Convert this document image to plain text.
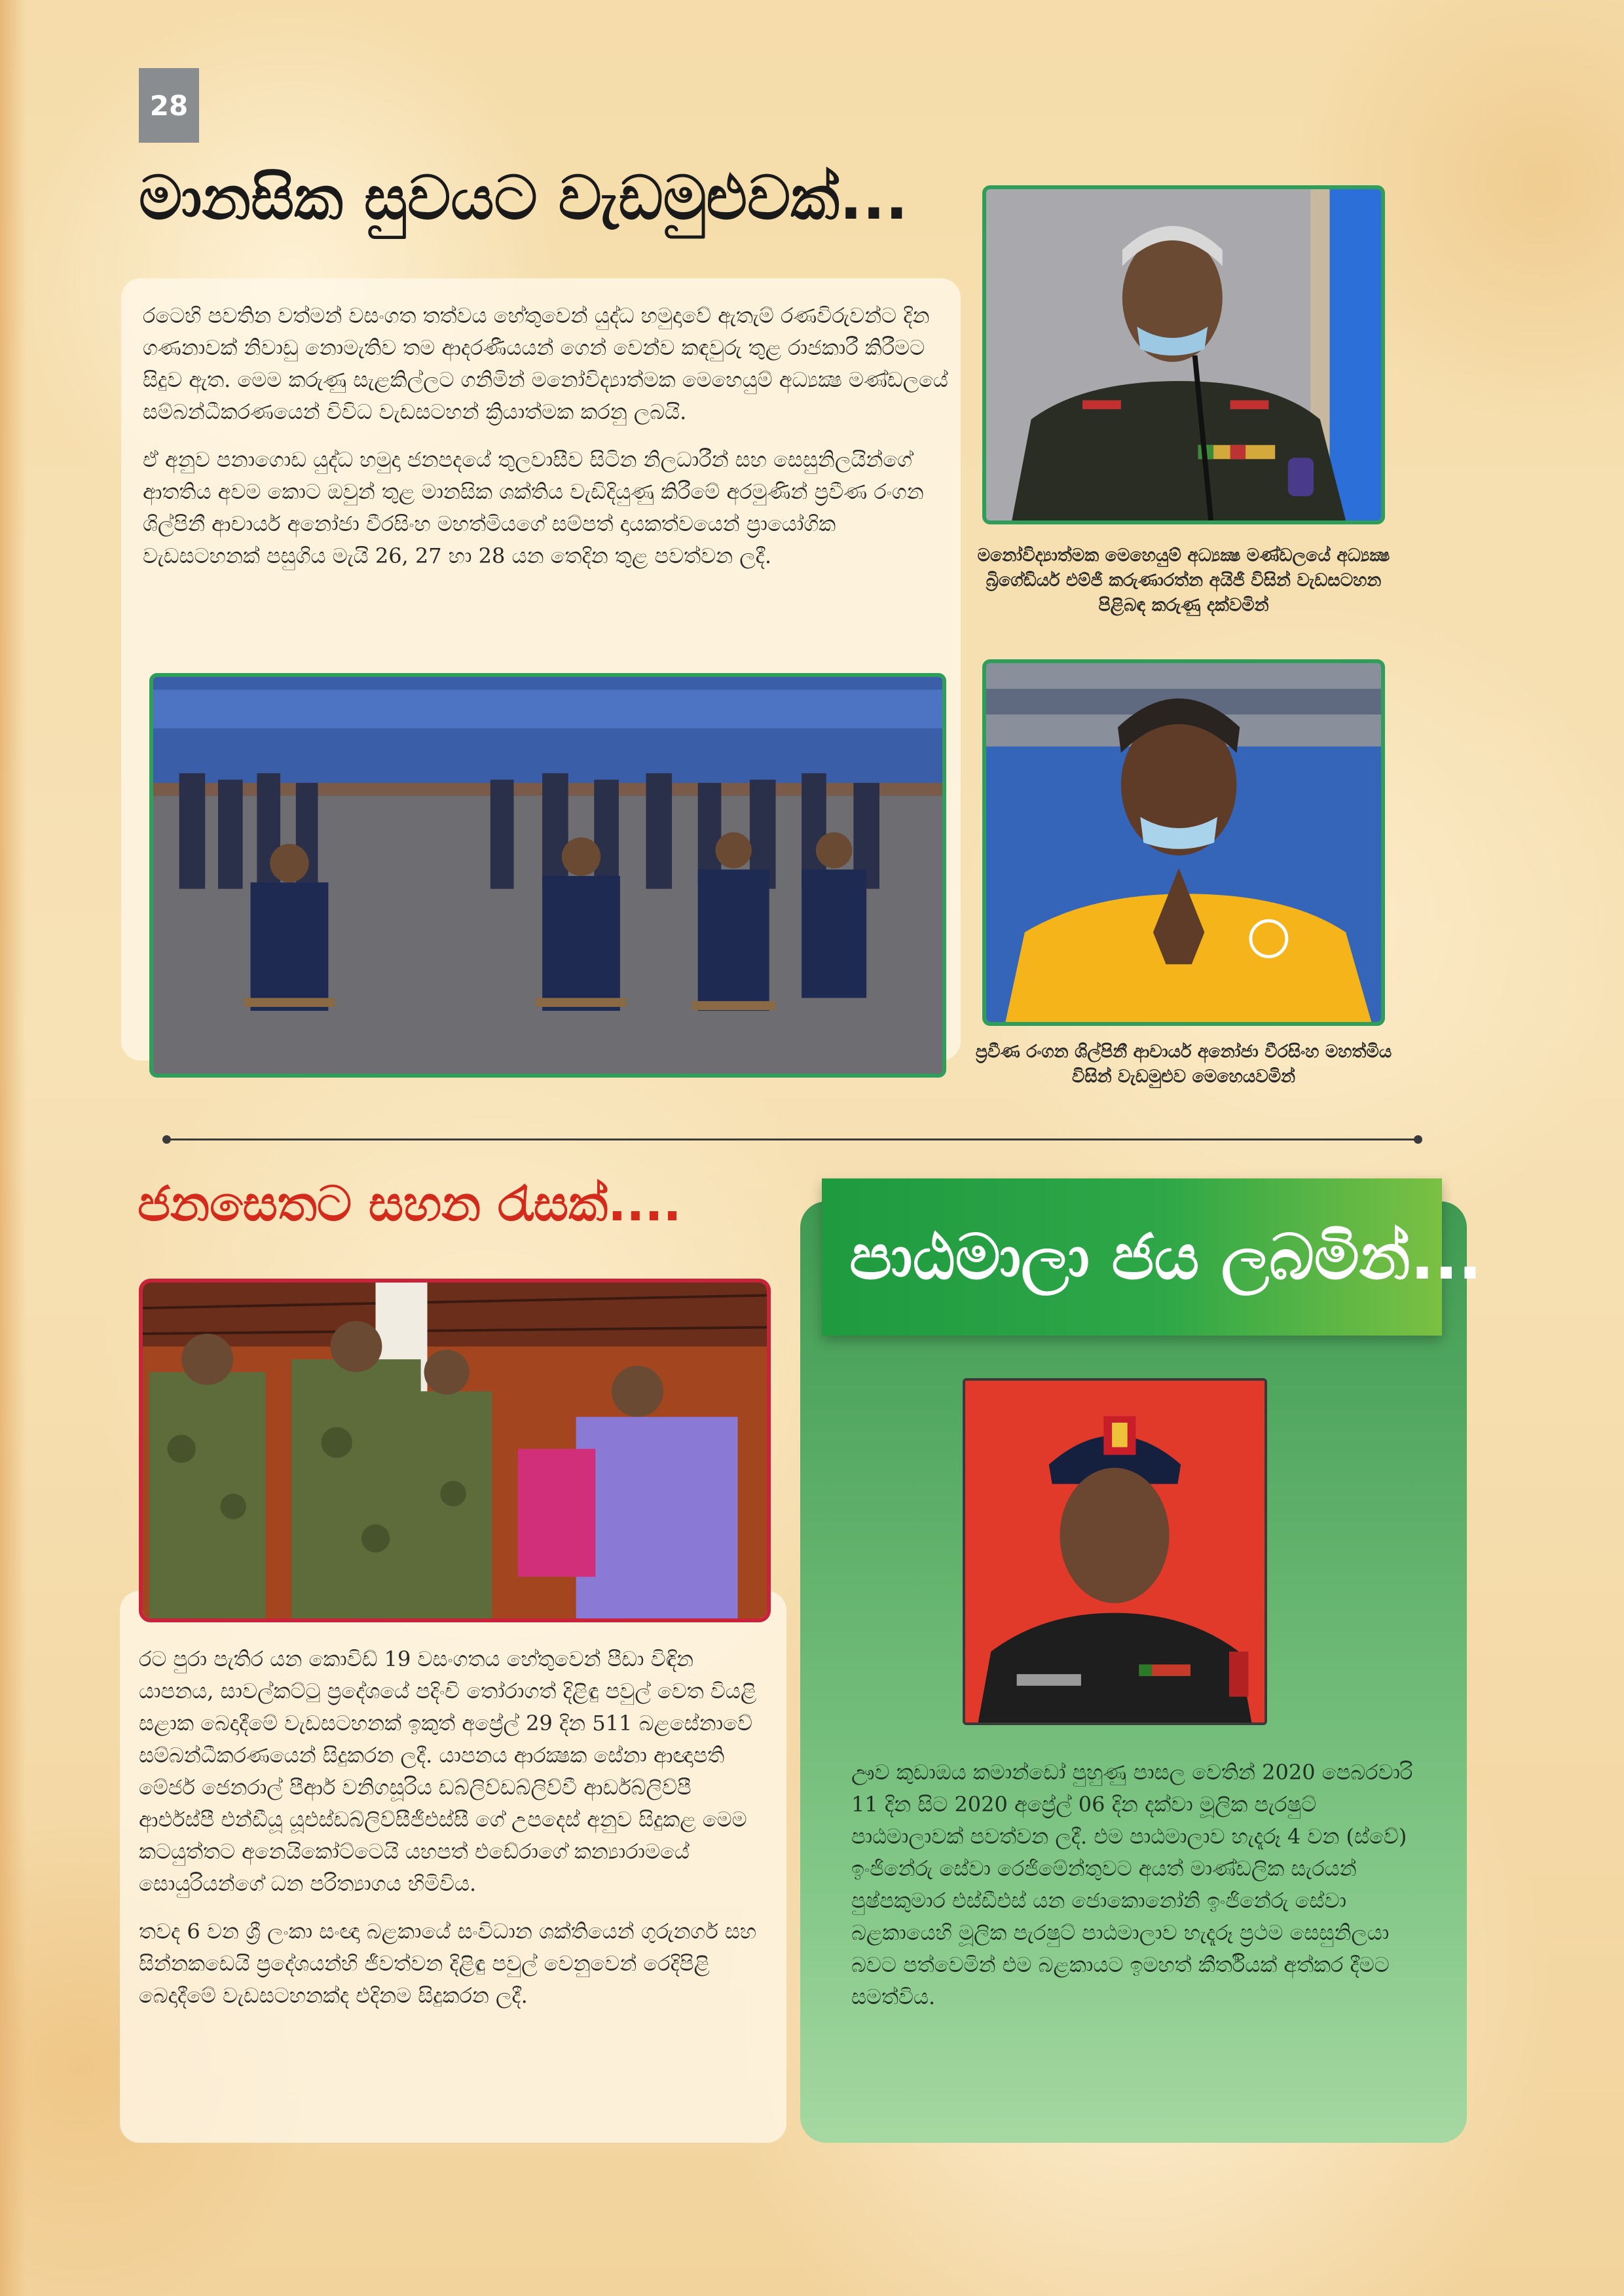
28
මානසික සුවයට වැඩමුළුවක්...

රටෙහි පවතින වත්මන් වසංගත තත්වය හේතුවෙන් යුද්ධ හමුදාවේ ඇතැම් රණවිරුවන්ට දින ගණනාවක් නිවාඩු නොමැතිව තම ආදරණීයයන් ගෙන් වෙන්ව කඳවුරු තුළ රාජකාරී කිරීමට සිදුව ඇත. මෙම කරුණු සැළකිල්ලට ගනිමින් මනෝවිද්‍යාත්මක මෙහෙයුම් අධ්‍යක්‍ෂ මණ්ඩලයේ සම්බන්ධීකරණයෙන් විවිධ වැඩසටහන් ක්‍රියාත්මක කරනු ලබයි.

ඒ අනුව පනාගොඩ යුද්ධ හමුදා ජනපදයේ තුලවාසීව සිටින නිලධාරීන් සහ සෙසුනිලයින්ගේ ආතතිය අවම කොට ඔවුන් තුළ මානසික ශක්තිය වැඩිදියුණු කිරීමේ අරමුණින් ප්‍රවීණ රංගන ශිල්පිනී ආචාර්ය අනෝජා වීරසිංහ මහත්මියගේ සම්පත් දායකත්වයෙන් ප්‍රායෝගික වැඩසටහනක් පසුගිය මැයි 26, 27 හා 28 යන තෙදින තුළ පවත්වන ලදී.	මනෝවිද්‍යාත්මක මෙහෙයුම් අධ්‍යක්‍ෂ මණ්ඩලයේ අධ්‍යක්‍ෂ බ්‍රිගේඩියර් එම්ජී කරුණාරත්න අයිජී විසින් වැඩසටහන පිළිබඳ කරුණු දක්වමින්
ප්‍රවීණ රංගන ශිල්පිනී ආචාර්ය අනෝජා වීරසිංහ මහත්මිය විසින් වැඩමුළුව මෙහෙයවමින්
ජනසෙතට සහන රැසක්....

රට පුරා පැතිර යන කොවිඩ් 19 වසංගතය හේතුවෙන් පීඩා විඳින යාපනය, සාවල්කට්ටු ප්‍රදේශයේ පදිංචි තෝරාගත් දිළිඳු පවුල් වෙත වියළි සළාක බෙදාදීමේ වැඩසටහනක් ඉකුත් අප්‍රේල් 29 දින 511 බළසේනාවේ සම්බන්ධීකරණයෙන් සිදුකරන ලදී. යාපනය ආරක්‍ෂක සේනා ආඥාපති මේජර් ජෙනරාල් පීආර් වනිගසූරිය ඩබ්ලිව්ඩබ්ලිව්වී ආර්ඩබ්ලිව්පී ආර්එස්පී එන්ඩීයූ යූඑස්ඩබ්ලිව්සීජීඑස්සී ගේ උපදෙස් අනුව සිදුකළ මෙම කටයුත්තට අනෙයිකෝට්ටෙයි යහපත් එඩේරාගේ කන්‍යාරාමයේ සොයුරියන්ගේ ධන පරිත්‍යාගය හිමිවිය.

තවද 6 වන ශ්‍රී ලංකා සංඥා බළකායේ සංවිධාන ශක්තියෙන් ගුරුනගර් සහ සින්නකඩෙයි ප්‍රදේශයන්හි ජීවත්වන දිළිඳු පවුල් වෙනුවෙන් රෙදිපිළි බෙදාදීමේ වැඩසටහනක්ද එදිනම සිදුකරන ලදී.

පාඨමාලා ජය ලබමින්...
ඌව කුඩාඔය කමාන්ඩෝ පුහුණු පාසල වෙතින් 2020 පෙබරවාරි 11 දින සිට 2020 අප්‍රේල් 06 දින දක්වා මූලික පැරෂුට් පාඨමාලාවක් පවත්වන ලදී. එම පාඨමාලාව හැදෑරූ 4 වන (ස්වේ) ඉංජිනේරු සේවා රෙජිමේන්තුවට අයත් මාණ්ඩලික සැරයන් පුෂ්පකුමාර එස්ඩීඑස් යන ජොකොනෝනි ඉංජිනේරු සේවා බළකායෙහි මූලික පැරෂුට් පාඨමාලාව හැදෑරූ ප්‍රථම සෙසුනිලයා බවට පත්වෙමින් එම බළකායට ඉමහත් කීර්තියක් අත්කර දීමට සමත්විය.
